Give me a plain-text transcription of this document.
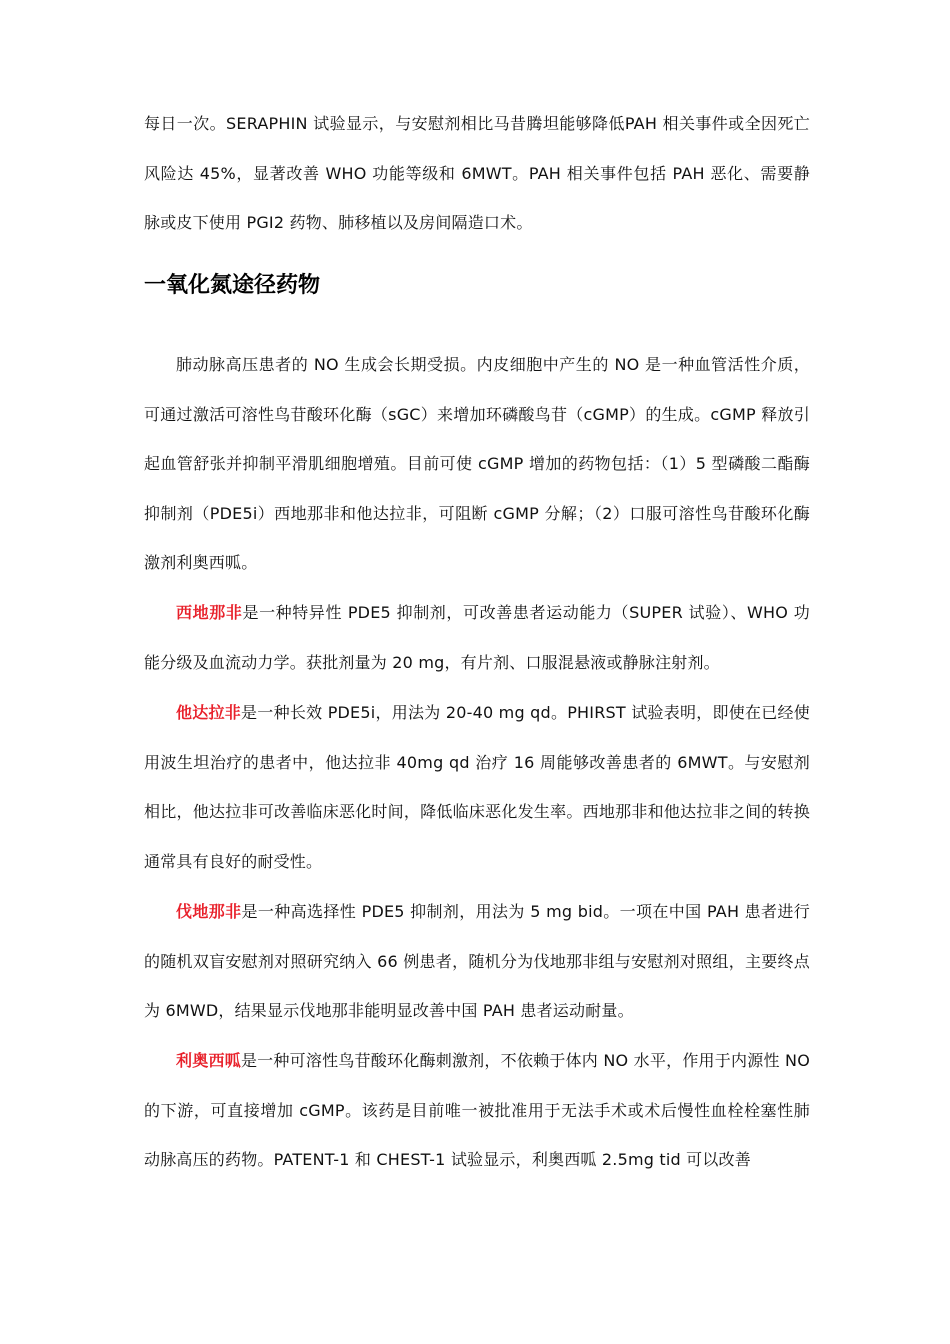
每日一次。SERAPHIN 试验显示，与安慰剂相比马昔腾坦能够降低PAH 相关事件或全因死亡风险达 45%，显著改善 WHO 功能等级和 6MWT。PAH 相关事件包括 PAH 恶化、需要静脉或皮下使用 PGI2 药物、肺移植以及房间隔造口术。

一氧化氮途径药物

肺动脉高压患者的 NO 生成会长期受损。内皮细胞中产生的 NO 是一种血管活性介质，可通过激活可溶性鸟苷酸环化酶（sGC）来增加环磷酸鸟苷（cGMP）的生成。cGMP 释放引起血管舒张并抑制平滑肌细胞增殖。目前可使 cGMP 增加的药物包括：（1）5 型磷酸二酯酶抑制剂（PDE5i）西地那非和他达拉非，可阻断 cGMP 分解；（2）口服可溶性鸟苷酸环化酶激剂利奥西呱。

西地那非是一种特异性 PDE5 抑制剂，可改善患者运动能力（SUPER 试验）、WHO 功能分级及血流动力学。获批剂量为 20 mg，有片剂、口服混悬液或静脉注射剂。

他达拉非是一种长效 PDE5i，用法为 20-40 mg qd。PHIRST 试验表明，即使在已经使用波生坦治疗的患者中，他达拉非 40mg qd 治疗 16 周能够改善患者的 6MWT。与安慰剂相比，他达拉非可改善临床恶化时间，降低临床恶化发生率。西地那非和他达拉非之间的转换通常具有良好的耐受性。

伐地那非是一种高选择性 PDE5 抑制剂，用法为 5 mg bid。一项在中国 PAH 患者进行的随机双盲安慰剂对照研究纳入 66 例患者，随机分为伐地那非组与安慰剂对照组，主要终点为 6MWD，结果显示伐地那非能明显改善中国 PAH 患者运动耐量。

利奥西呱是一种可溶性鸟苷酸环化酶刺激剂，不依赖于体内 NO 水平，作用于内源性 NO 的下游，可直接增加 cGMP。该药是目前唯一被批准用于无法手术或术后慢性血栓栓塞性肺动脉高压的药物。PATENT-1 和 CHEST-1 试验显示，利奥西呱 2.5mg tid 可以改善
